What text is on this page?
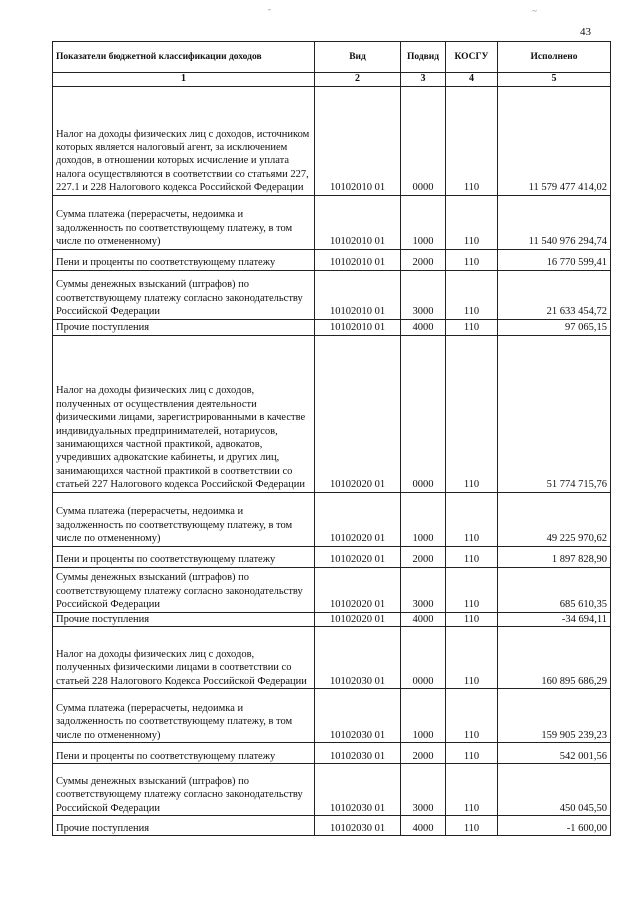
-	~
43
Показатели бюджетной классификации доходов	Вид	Подвид	КОСГУ	Исполнено
1	2	3	4	5
Налог на доходы физических лиц с доходов, источником которых является налоговый агент, за исключением доходов, в отношении которых исчисление и уплата налога осуществляются в соответствии со статьями 227, 227.1 и 228 Налогового кодекса Российской Федерации	10102010 01	0000	110	11 579 477 414,02
Сумма платежа (перерасчеты, недоимка и задолженность по соответствующему платежу, в том числе по отмененному)	10102010 01	1000	110	11 540 976 294,74
Пени и проценты по соответствующему платежу	10102010 01	2000	110	16 770 599,41
Суммы денежных взысканий (штрафов) по соответствующему платежу согласно законодательству Российской Федерации	10102010 01	3000	110	21 633 454,72
Прочие поступления	10102010 01	4000	110	97 065,15
Налог на доходы физических лиц с доходов, полученных от осуществления деятельности физическими лицами, зарегистрированными в качестве индивидуальных предпринимателей, нотариусов, занимающихся частной практикой, адвокатов, учредивших адвокатские кабинеты, и других лиц, занимающихся частной практикой в соответствии со статьей 227 Налогового кодекса Российской Федерации	10102020 01	0000	110	51 774 715,76
Сумма платежа (перерасчеты, недоимка и задолженность по соответствующему платежу, в том числе по отмененному)	10102020 01	1000	110	49 225 970,62
Пени и проценты по соответствующему платежу	10102020 01	2000	110	1 897 828,90
Суммы денежных взысканий (штрафов) по соответствующему платежу согласно законодательству Российской Федерации	10102020 01	3000	110	685 610,35
Прочие поступления	10102020 01	4000	110	-34 694,11
Налог на доходы физических лиц с доходов, полученных физическими лицами в соответствии со статьей 228 Налогового Кодекса Российской Федерации	10102030 01	0000	110	160 895 686,29
Сумма платежа (перерасчеты, недоимка и задолженность по соответствующему платежу, в том числе по отмененному)	10102030 01	1000	110	159 905 239,23
Пени и проценты по соответствующему платежу	10102030 01	2000	110	542 001,56
Суммы денежных взысканий (штрафов) по соответствующему платежу согласно законодательству Российской Федерации	10102030 01	3000	110	450 045,50
Прочие поступления	10102030 01	4000	110	-1 600,00
